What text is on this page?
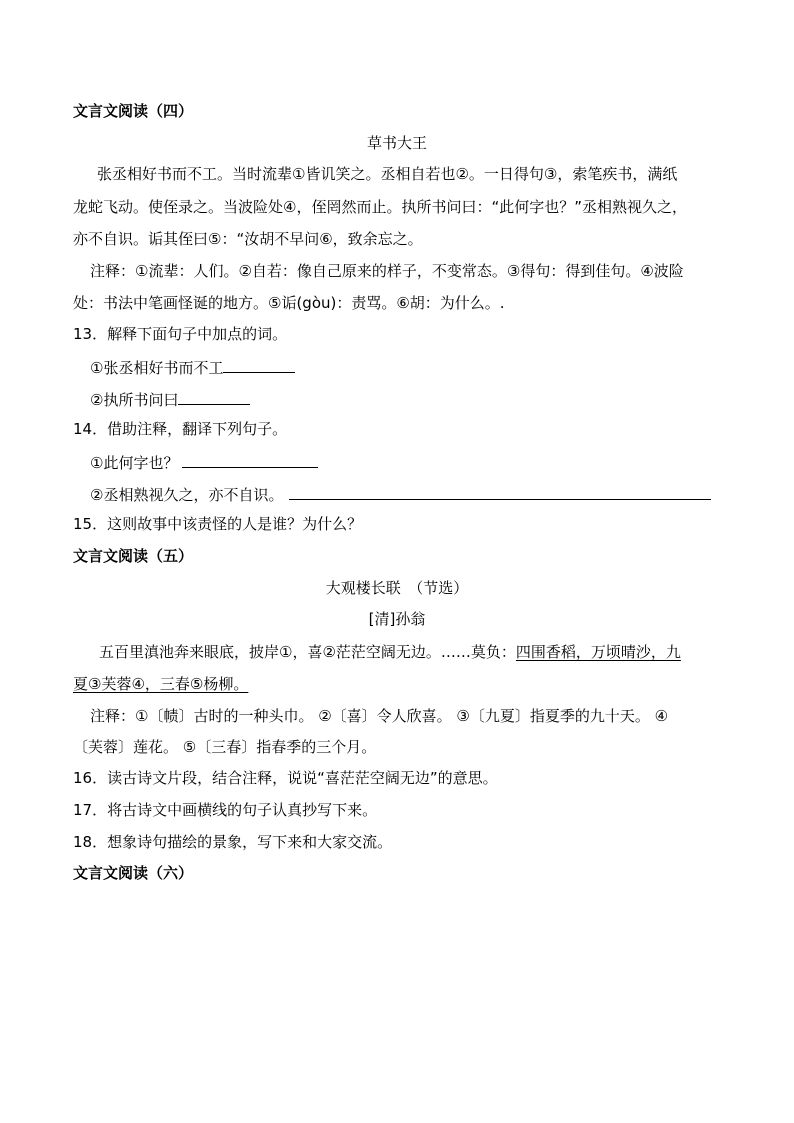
文言文阅读（四）
草书大王
张丞相好书而不工。当时流辈①皆讥笑之。丞相自若也②。一日得句③，索笔疾书，满纸
龙蛇飞动。使侄录之。当波险处④，侄罔然而止。执所书问曰：“此何字也？”丞相熟视久之，
亦不自识。诟其侄曰⑤：“汝胡不早问⑥，致余忘之。
注释：①流辈：人们。②自若：像自己原来的样子，不变常态。③得句：得到佳句。④波险
处：书法中笔画怪诞的地方。⑤诟(gòu)：责骂。⑥胡：为什么。.
13．解释下面句子中加点的词。
①张丞相好书而不工
②执所书问曰
14．借助注释，翻译下列句子。
①此何字也？
②丞相熟视久之，亦不自识。
15．这则故事中该责怪的人是谁？为什么？
文言文阅读（五）
大观楼长联　（节选）
[清]孙翁
五百里滇池奔来眼底，披岸①，喜②茫茫空阔无边。……莫负：四围香稻，万顷晴沙，九
夏③芙蓉④，三春⑤杨柳。
注释：①〔帻〕古时的一种头巾。 ②〔喜〕令人欣喜。 ③〔九夏〕指夏季的九十天。 ④
〔芙蓉〕莲花。 ⑤〔三春〕指春季的三个月。
16．读古诗文片段，结合注释，说说“喜茫茫空阔无边”的意思。
17．将古诗文中画横线的句子认真抄写下来。
18．想象诗句描绘的景象，写下来和大家交流。
文言文阅读（六）
